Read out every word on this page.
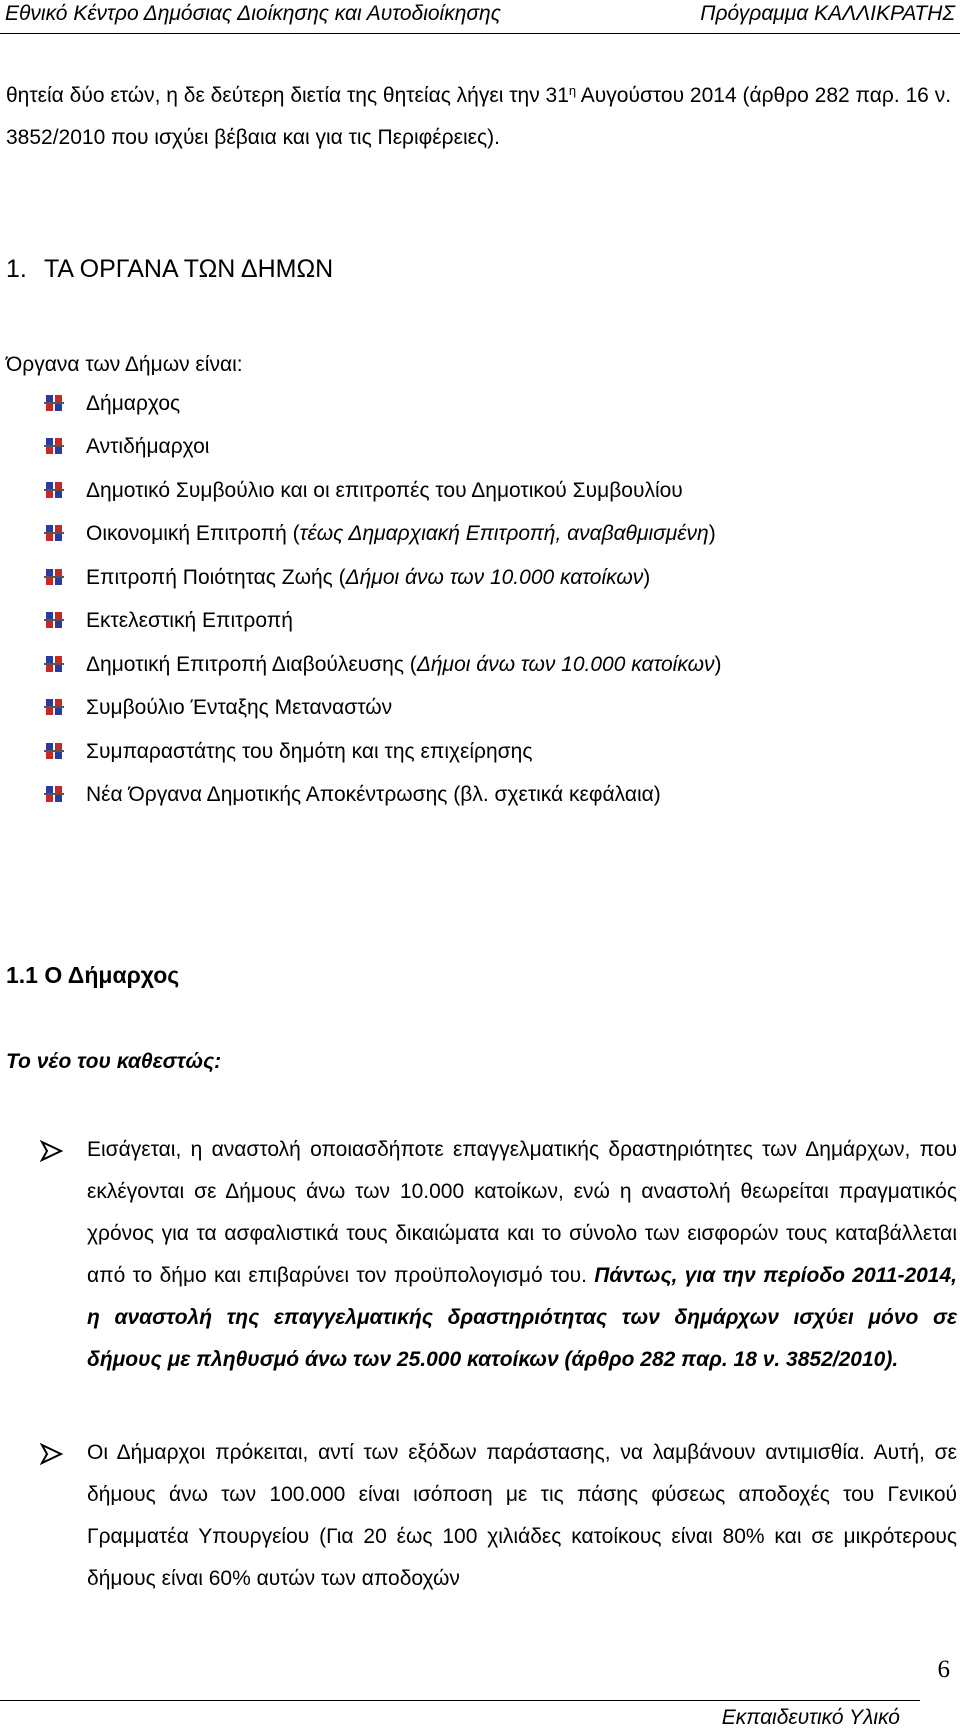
Εθνικό Κέντρο Δημόσιας Διοίκησης και Αυτοδιοίκησης	Πρόγραμμα ΚΑΛΛΙΚΡΑΤΗΣ
θητεία δύο ετών, η δε δεύτερη διετία της θητείας λήγει την $31^\eta$ Αυγούστου 2014 (άρθρο 282 παρ. 16 ν.
3852/2010 που ισχύει βέβαια και για τις Περιφέρειες).
1. ΤΑ ΟΡΓΑΝΑ ΤΩΝ ΔΗΜΩΝ
Όργανα των Δήμων είναι:
Δήμαρχος
Αντιδήμαρχοι
Δημοτικό Συμβούλιο και οι επιτροπές του Δημοτικού Συμβουλίου
Οικονομική Επιτροπή (τέως Δημαρχιακή Επιτροπή, αναβαθμισμένη)
Επιτροπή Ποιότητας Ζωής (Δήμοι άνω των 10.000 κατοίκων)
Εκτελεστική Επιτροπή
Δημοτική Επιτροπή Διαβούλευσης (Δήμοι άνω των 10.000 κατοίκων)
Συμβούλιο Ένταξης Μεταναστών
Συμπαραστάτης του δημότη και της επιχείρησης
Νέα Όργανα Δημοτικής Αποκέντρωσης (βλ. σχετικά κεφάλαια)
1.1 Ο Δήμαρχος
Το νέο του καθεστώς:
Εισάγεται, η αναστολή οποιασδήποτε επαγγελματικής δραστηριότητες των Δημάρχων, που εκλέγονται σε Δήμους άνω των 10.000 κατοίκων, ενώ η αναστολή θεωρείται πραγματικός χρόνος για τα ασφαλιστικά τους δικαιώματα και το σύνολο των εισφορών τους καταβάλλεται από το δήμο και επιβαρύνει τον προϋπολογισμό του. Πάντως, για την περίοδο 2011-2014, η αναστολή της επαγγελματικής δραστηριότητας των δημάρχων ισχύει μόνο σε δήμους με πληθυσμό άνω των 25.000 κατοίκων (άρθρο 282 παρ. 18 ν. 3852/2010).
Οι Δήμαρχοι πρόκειται, αντί των εξόδων παράστασης, να λαμβάνουν αντιμισθία. Αυτή, σε δήμους άνω των 100.000 είναι ισόποση με τις πάσης φύσεως αποδοχές του Γενικού Γραμματέα Υπουργείου (Για 20 έως 100 χιλιάδες κατοίκους είναι 80% και σε μικρότερους δήμους είναι 60% αυτών των αποδοχών
6
Εκπαιδευτικό Υλικό
